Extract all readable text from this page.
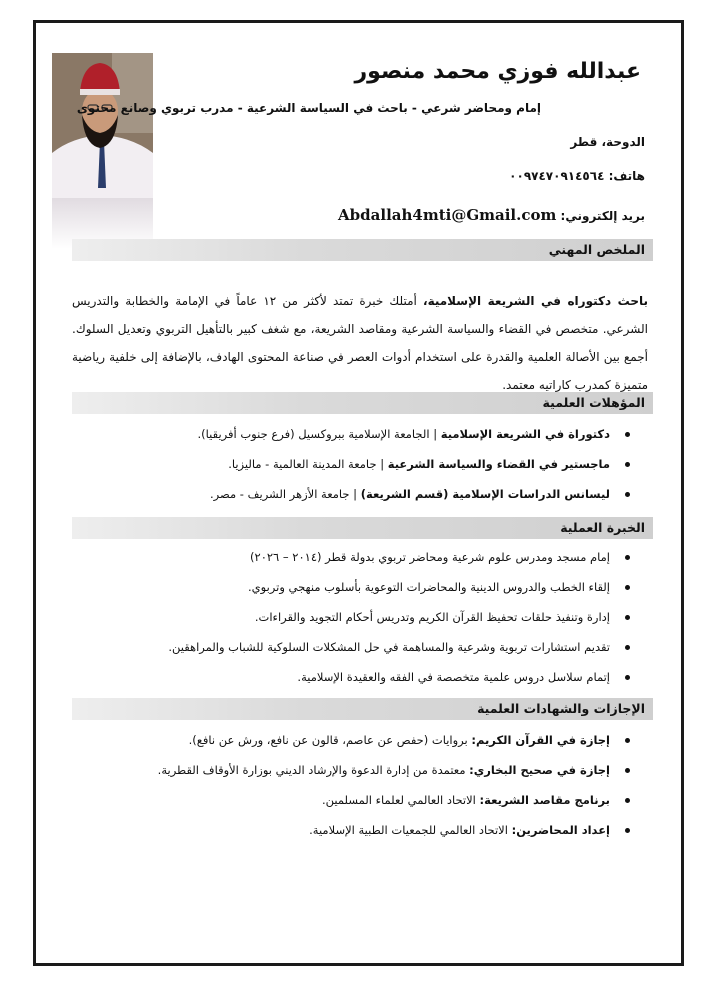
عبدالله فوزي محمد منصور
إمام ومحاضر شرعي - باحث في السياسة الشرعية - مدرب تربوي وصانع محتوى
الدوحة، قطر
هاتف: ٠٠٩٧٤٧٠٩١٤٥٦٤
بريد إلكتروني: Abdallah4mti@Gmail.com
الملخص المهني
باحث دكتوراه في الشريعة الإسلامية، أمتلك خبرة تمتد لأكثر من ١٢ عاماً في الإمامة والخطابة والتدريس الشرعي. متخصص في القضاء والسياسة الشرعية ومقاصد الشريعة، مع شغف كبير بالتأهيل التربوي وتعديل السلوك. أجمع بين الأصالة العلمية والقدرة على استخدام أدوات العصر في صناعة المحتوى الهادف، بالإضافة إلى خلفية رياضية متميزة كمدرب كاراتيه معتمد.
المؤهلات العلمية
دكتوراة في الشريعة الإسلامية | الجامعة الإسلامية ببروكسيل (فرع جنوب أفريقيا).
ماجستير في القضاء والسياسة الشرعية | جامعة المدينة العالمية - ماليزيا.
ليسانس الدراسات الإسلامية (قسم الشريعة) | جامعة الأزهر الشريف - مصر.
الخبرة العملية
إمام مسجد ومدرس علوم شرعية ومحاضر تربوي بدولة قطر (٢٠١٤ – ٢٠٢٦)
إلقاء الخطب والدروس الدينية والمحاضرات التوعوية بأسلوب منهجي وتربوي.
إدارة وتنفيذ حلقات تحفيظ القرآن الكريم وتدريس أحكام التجويد والقراءات.
تقديم استشارات تربوية وشرعية والمساهمة في حل المشكلات السلوكية للشباب والمراهقين.
إتمام سلاسل دروس علمية متخصصة في الفقه والعقيدة الإسلامية.
الإجازات والشهادات العلمية
إجازة في القرآن الكريم: بروايات (حفص عن عاصم، قالون عن نافع، ورش عن نافع).
إجازة في صحيح البخاري: معتمدة من إدارة الدعوة والإرشاد الديني بوزارة الأوقاف القطرية.
برنامج مقاصد الشريعة: الاتحاد العالمي لعلماء المسلمين.
إعداد المحاضرين: الاتحاد العالمي للجمعيات الطبية الإسلامية.
